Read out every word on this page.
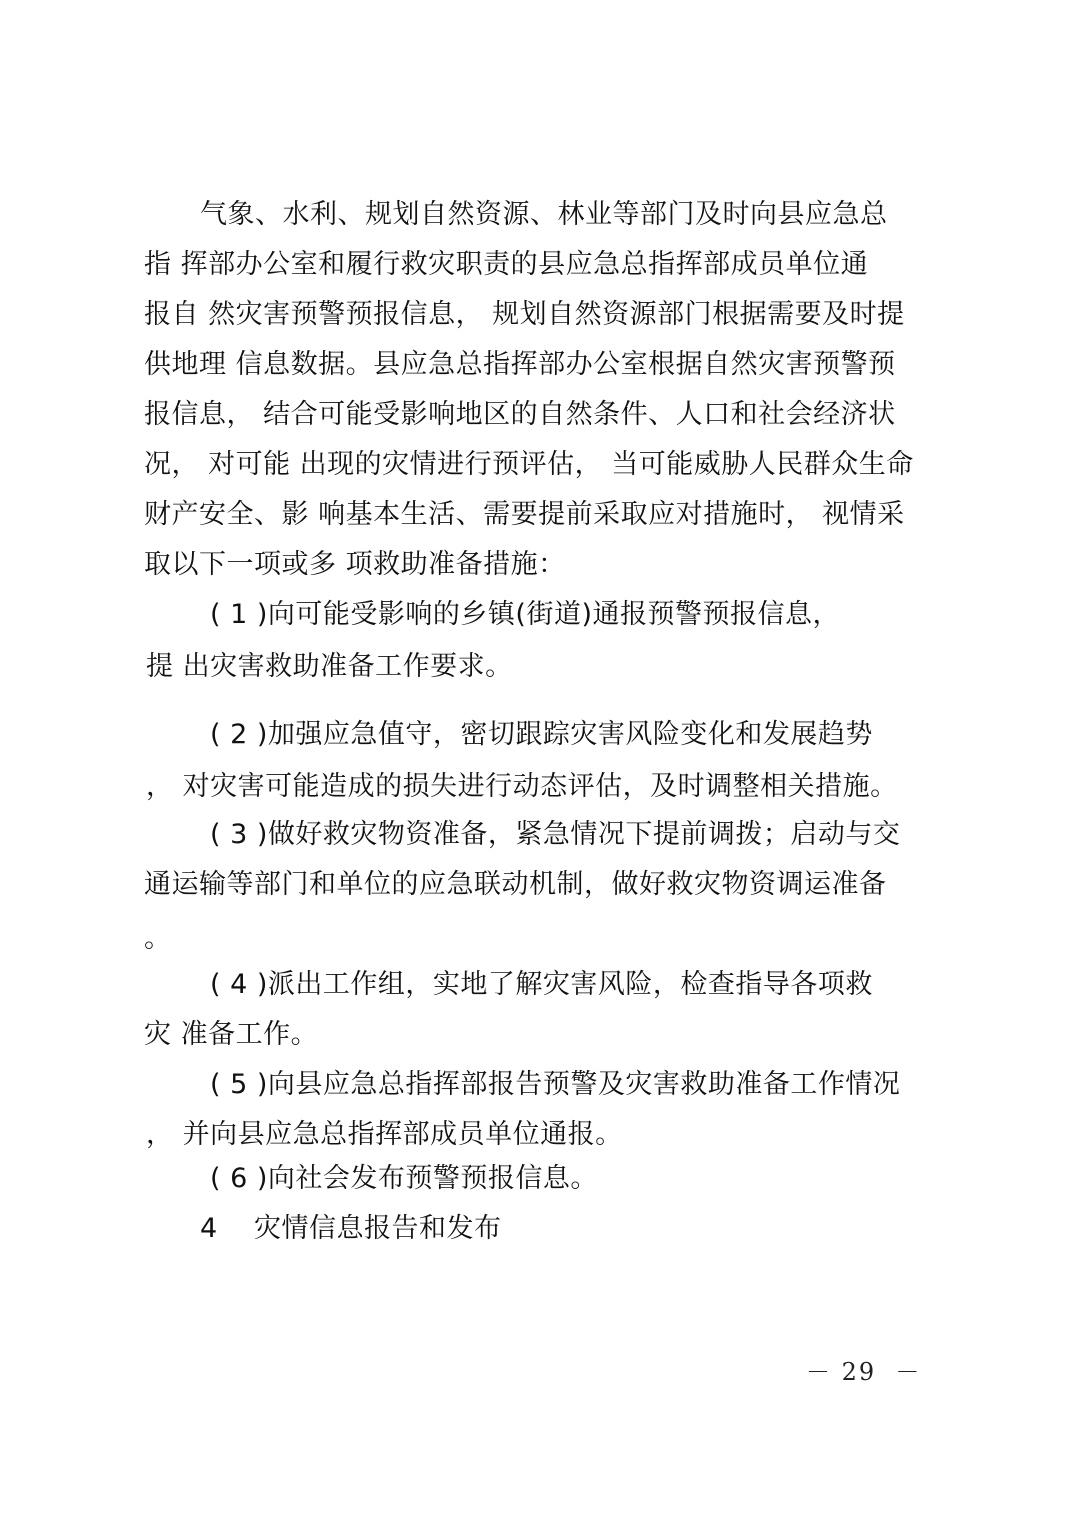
气象、水利、规划自然资源、林业等部门及时向县应急总
指 挥部办公室和履行救灾职责的县应急总指挥部成员单位通
报自 然灾害预警预报信息， 规划自然资源部门根据需要及时提
供地理 信息数据。县应急总指挥部办公室根据自然灾害预警预
报信息， 结合可能受影响地区的自然条件、人口和社会经济状
况， 对可能 出现的灾情进行预评估， 当可能威胁人民群众生命
财产安全、影 响基本生活、需要提前采取应对措施时， 视情采
取以下一项或多 项救助准备措施：
( 1 )向可能受影响的乡镇(街道)通报预警预报信息，
提 出灾害救助准备工作要求。
( 2 )加强应急值守，密切跟踪灾害风险变化和发展趋势
， 对灾害可能造成的损失进行动态评估，及时调整相关措施。
( 3 )做好救灾物资准备，紧急情况下提前调拨；启动与交
通运输等部门和单位的应急联动机制，做好救灾物资调运准备
。
( 4 )派出工作组，实地了解灾害风险，检查指导各项救
灾 准备工作。
( 5 )向县应急总指挥部报告预警及灾害救助准备工作情况
， 并向县应急总指挥部成员单位通报。
( 6 )向社会发布预警预报信息。
4    灾情信息报告和发布
－ 29  －
